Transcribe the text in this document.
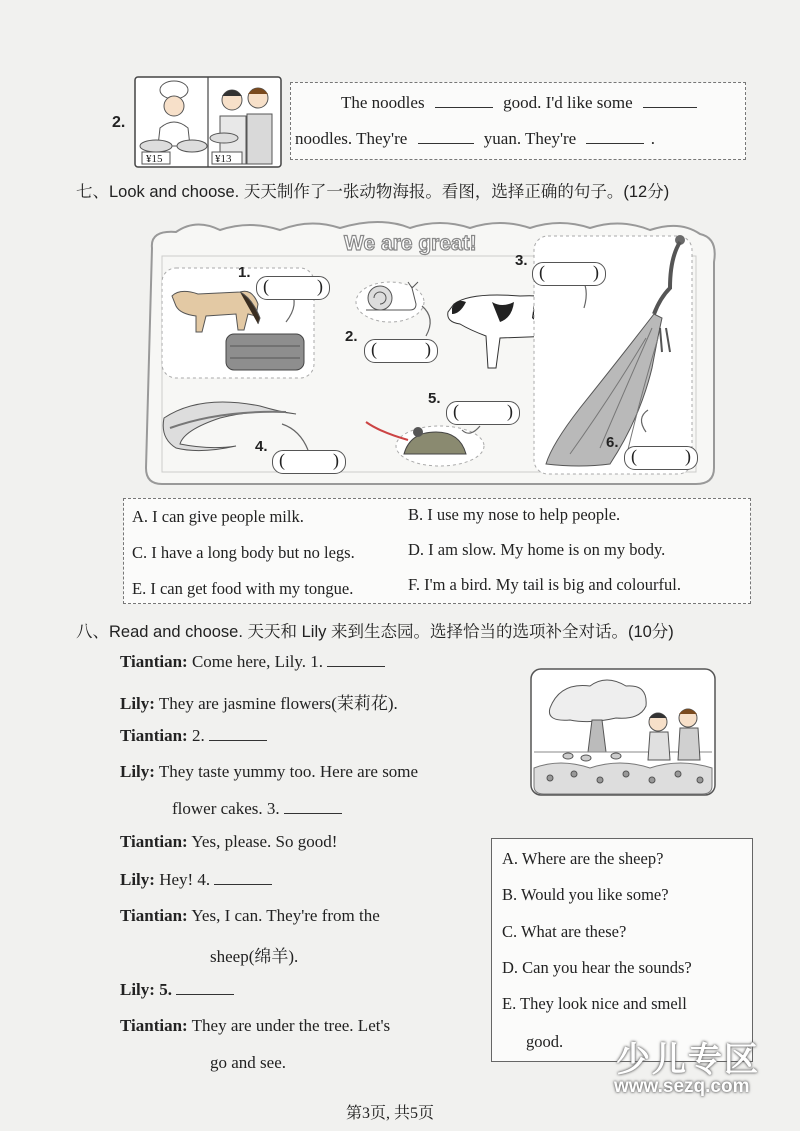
2.
¥15	¥13
The noodles	good. I'd like some
noodles. They're	yuan. They're	.
七、Look and choose. 天天制作了一张动物海报。看图，选择正确的句子。(12分)
We are great!
1.
(	)
2.
(	)
3.
(	)
5.
(	)
4.
(	)
6.
(	)
A. I can give people milk.	B. I use my nose to help people.
C. I have a long body but no legs.	D. I am slow. My home is on my body.
E. I can get food with my tongue.	F. I'm a bird. My tail is big and colourful.
八、Read and choose. 天天和 Lily 来到生态园。选择恰当的选项补全对话。(10分)
Tiantian: Come here, Lily. 1.
Lily: They are jasmine flowers(茉莉花).
Tiantian: 2.
Lily: They taste yummy too. Here are some
flower cakes. 3.
Tiantian: Yes, please. So good!
Lily: Hey! 4.
Tiantian: Yes, I can. They're from the
sheep(绵羊).
Lily: 5.
Tiantian: They are under the tree. Let's
go and see.
A. Where are the sheep?
B. Would you like some?
C. What are these?
D. Can you hear the sounds?
E. They look nice and smell
good. 少儿专区
www.sezq.com
第3页, 共5页
